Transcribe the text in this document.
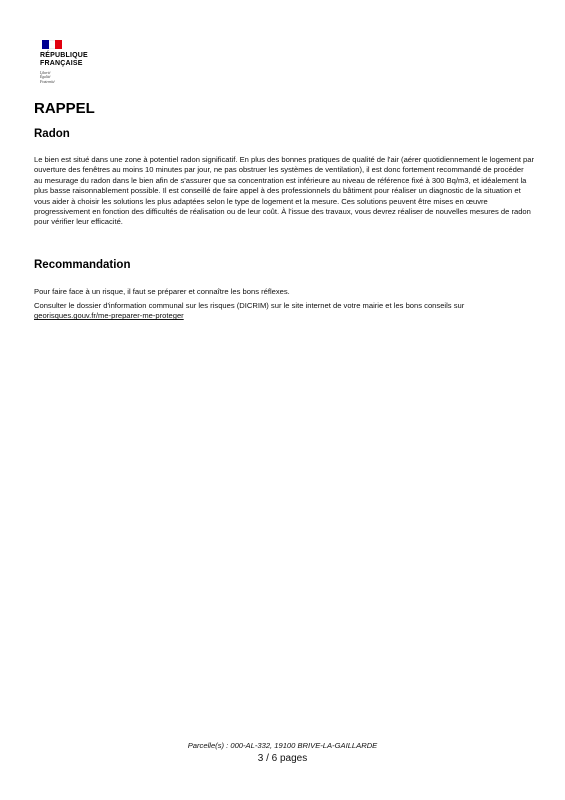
RÉPUBLIQUE
FRANÇAISE
Liberté
Égalité
Fraternité
RAPPEL
Radon

Le bien est situé dans une zone à potentiel radon significatif. En plus des bonnes pratiques de qualité de l'air (aérer quotidiennement le logement par ouverture des fenêtres au moins 10 minutes par jour, ne pas obstruer les systèmes de ventilation), il est donc fortement recommandé de procéder au mesurage du radon dans le bien afin de s'assurer que sa concentration est inférieure au niveau de référence fixé à 300 Bq/m3, et idéalement la plus basse raisonnablement possible. Il est conseillé de faire appel à des professionnels du bâtiment pour réaliser un diagnostic de la situation et vous aider à choisir les solutions les plus adaptées selon le type de logement et la mesure. Ces solutions peuvent être mises en œuvre progressivement en fonction des difficultés de réalisation ou de leur coût. À l'issue des travaux, vous devrez réaliser de nouvelles mesures de radon pour vérifier leur efficacité.

Recommandation

Pour faire face à un risque, il faut se préparer et connaître les bons réflexes.

Consulter le dossier d'information communal sur les risques (DICRIM) sur le site internet de votre mairie et les bons conseils sur
georisques.gouv.fr/me-preparer-me-proteger

Parcelle(s) : 000-AL-332, 19100 BRIVE-LA-GAILLARDE
3 / 6 pages
